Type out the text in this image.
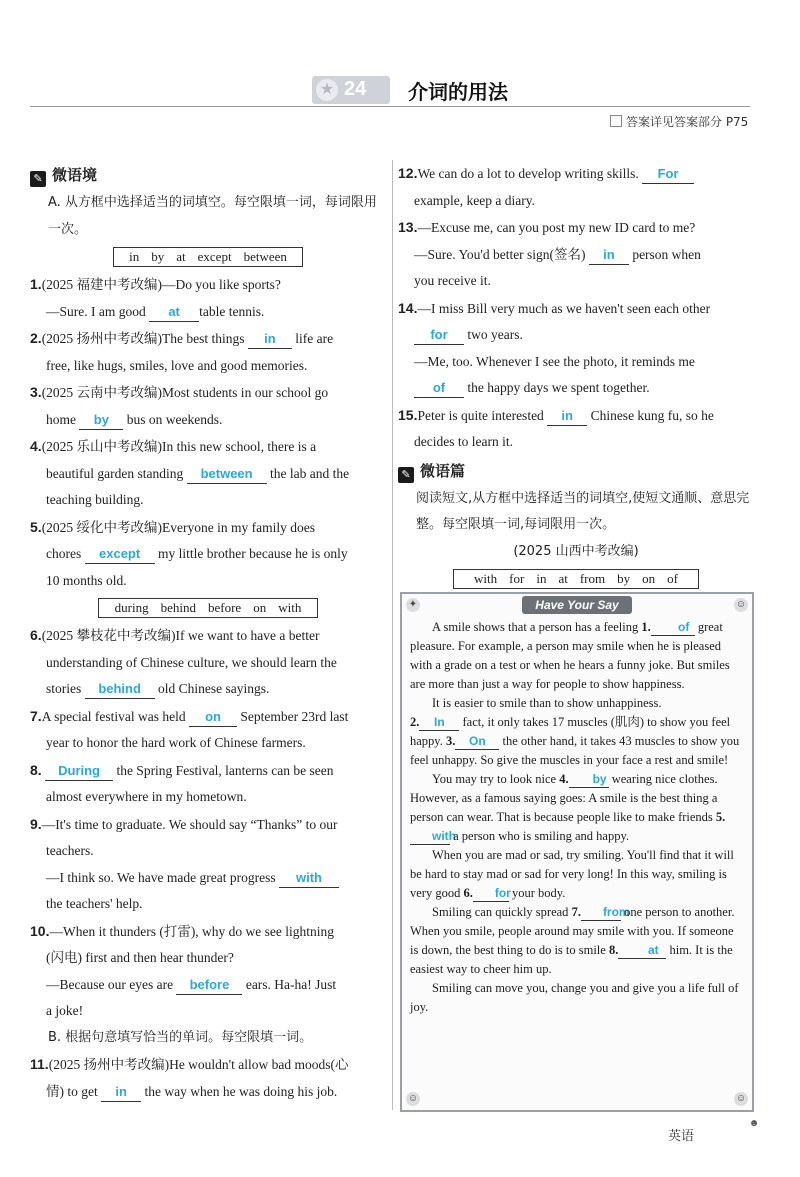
★ 24 介词的用法
答案详见答案部分 P75
✎ 微语境
A. 从方框中选择适当的词填空。每空限填一词，每词限用一次。
in by at except between
1.(2025 福建中考改编)—Do you like sports?
—Sure. I am good at table tennis.
2.(2025 扬州中考改编)The best things in life are
free, like hugs, smiles, love and good memories.
3.(2025 云南中考改编)Most students in our school go
home by bus on weekends.
4.(2025 乐山中考改编)In this new school, there is a
beautiful garden standing between the lab and the
teaching building.
5.(2025 绥化中考改编)Everyone in my family does
chores except my little brother because he is only
10 months old.
during behind before on with
6.(2025 攀枝花中考改编)If we want to have a better
understanding of Chinese culture, we should learn the
stories behind old Chinese sayings.
7.A special festival was held on September 23rd last
year to honor the hard work of Chinese farmers.
8. During the Spring Festival, lanterns can be seen
almost everywhere in my hometown.
9.—It's time to graduate. We should say “Thanks” to our
teachers.
—I think so. We have made great progress with
the teachers' help.
10.—When it thunders (打雷), why do we see lightning
(闪电) first and then hear thunder?
—Because our eyes are before ears. Ha-ha! Just
a joke!
B. 根据句意填写恰当的单词。每空限填一词。
11.(2025 扬州中考改编)He wouldn't allow bad moods(心
情) to get in the way when he was doing his job.
12.We can do a lot to develop writing skills. For
example, keep a diary.
13.—Excuse me, can you post my new ID card to me?
—Sure. You'd better sign(签名) in person when
you receive it.
14.—I miss Bill very much as we haven't seen each other
for two years.
—Me, too. Whenever I see the photo, it reminds me
of the happy days we spent together.
15.Peter is quite interested in Chinese kung fu, so he
decides to learn it.
✎ 微语篇
阅读短文,从方框中选择适当的词填空,使短文通顺、意思完整。每空限填一词,每词限用一次。
(2025 山西中考改编)
with for in at from by on of
✦	☺
☺	☺
Have Your Say

A smile shows that a person has a feeling 1. of great pleasure. For example, a person may smile when he is pleased with a grade on a test or when he hears a funny joke. But smiles are more than just a way for people to show happiness.

It is easier to smile than to show unhappiness.

2. In fact, it only takes 17 muscles (肌肉) to show you feel happy. 3. On the other hand, it takes 43 muscles to show you feel unhappy. So give the muscles in your face a rest and smile!

You may try to look nice 4. by wearing nice clothes. However, as a famous saying goes: A smile is the best thing a person can wear. That is because people like to make friends 5.with a person who is smiling and happy.

When you are mad or sad, try smiling. You'll find that it will be hard to stay mad or sad for very long! In this way, smiling is very good 6. for your body.

Smiling can quickly spread 7. from one person to another. When you smile, people around may smile with you. If someone is down, the best thing to do is to smile 8. at him. It is the easiest way to cheer him up.

Smiling can move you, change you and give you a life full of joy.

英语
☻
